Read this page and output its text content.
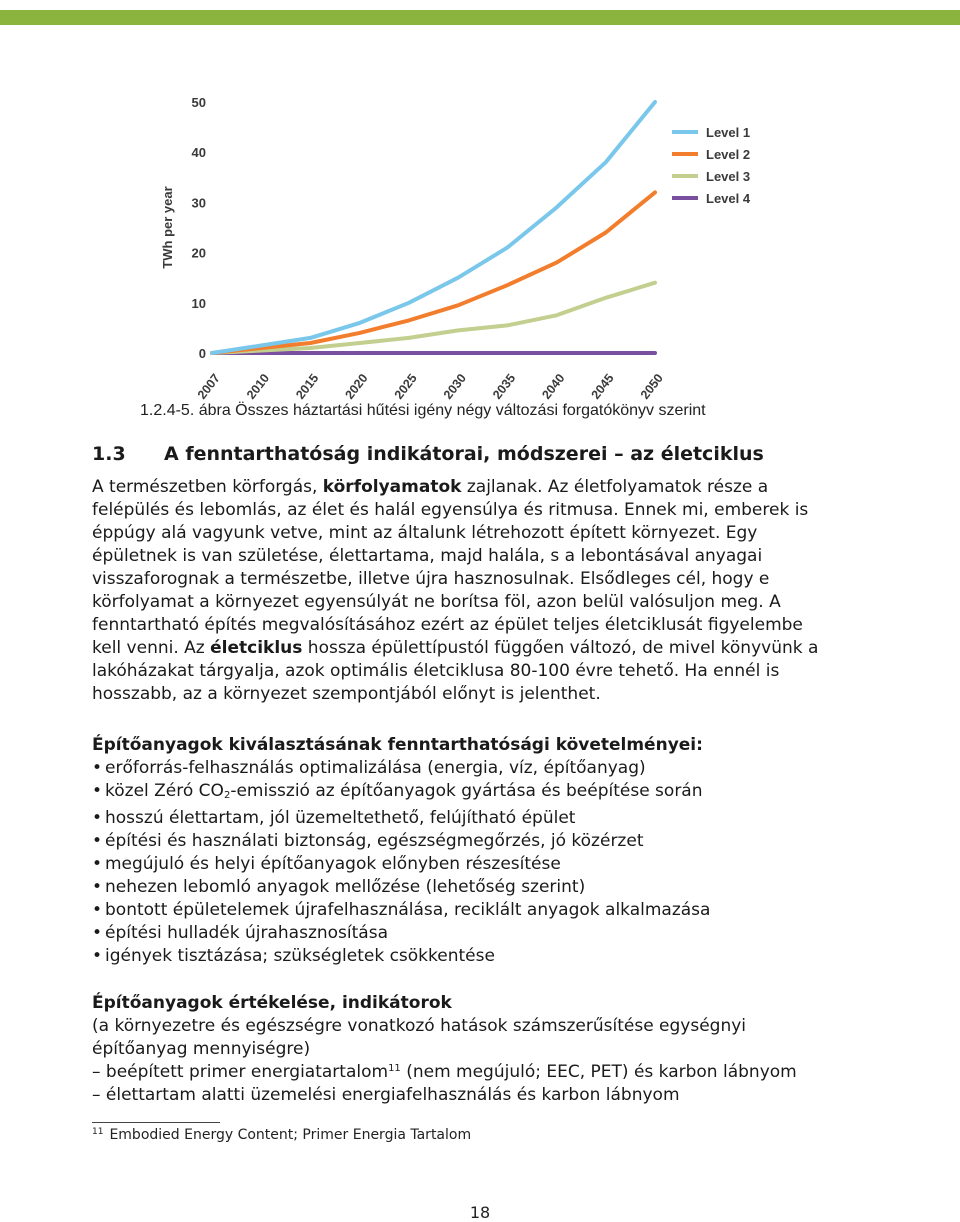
TWh per year
0
10
20
30
40
50
2007 2010 2015 2020 2025 2030 2035 2040 2045 2050
Level 1
Level 2
Level 3
Level 4
1.2.4-5. ábra Összes háztartási hűtési igény négy változási forgatókönyv szerint
1.3 A fenntarthatóság indikátorai, módszerei – az életciklus

A természetben körforgás, körfolyamatok zajlanak. Az életfolyamatok része a felépülés és lebomlás, az élet és halál egyensúlya és ritmusa. Ennek mi, emberek is éppúgy alá vagyunk vetve, mint az általunk létrehozott épített környezet. Egy épületnek is van születése, élettartama, majd halála, s a lebontásával anyagai visszaforognak a természetbe, illetve újra hasznosulnak. Elsődleges cél, hogy e körfolyamat a környezet egyensúlyát ne borítsa föl, azon belül valósuljon meg. A fenntartható építés megvalósításához ezért az épület teljes életciklusát figyelembe kell venni. Az életciklus hossza épülettípustól függően változó, de mivel könyvünk a lakóházakat tárgyalja, azok optimális életciklusa 80-100 évre tehető. Ha ennél is hosszabb, az a környezet szempontjából előnyt is jelenthet.

Építőanyagok kiválasztásának fenntarthatósági követelményei:

• erőforrás-felhasználás optimalizálása (energia, víz, építőanyag)
• közel Zéró $CO_2$-emisszió az építőanyagok gyártása és beépítése során
• hosszú élettartam, jól üzemeltethető, felújítható épület
• építési és használati biztonság, egészségmegőrzés, jó közérzet
• megújuló és helyi építőanyagok előnyben részesítése
• nehezen lebomló anyagok mellőzése (lehetőség szerint)
• bontott épületelemek újrafelhasználása, reciklált anyagok alkalmazása
• építési hulladék újrahasznosítása
• igények tisztázása; szükségletek csökkentése

Építőanyagok értékelése, indikátorok

(a környezetre és egészségre vonatkozó hatások számszerűsítése egységnyi építőanyag mennyiségre)

– beépített primer energiatartalom$^{11}$ (nem megújuló; EEC, PET) és karbon lábnyom

– élettartam alatti üzemelési energiafelhasználás és karbon lábnyom

$^{11}$ Embodied Energy Content; Primer Energia Tartalom
18
